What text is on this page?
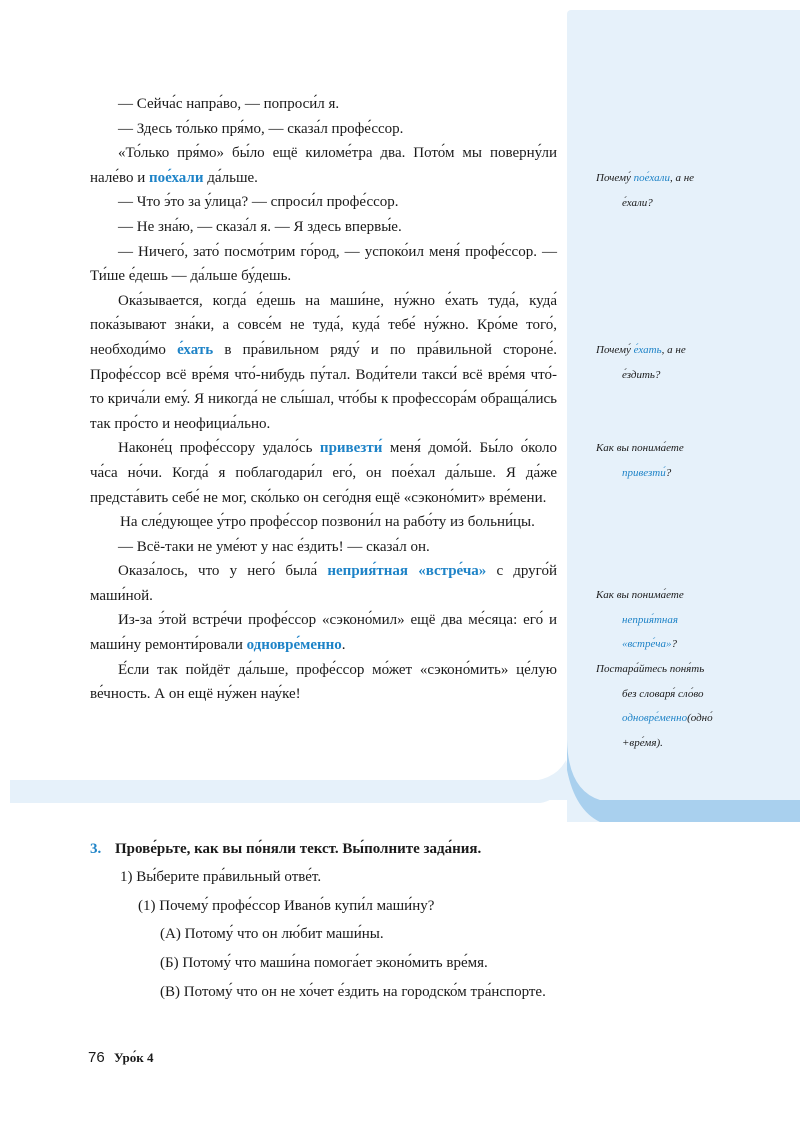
— Сейча́с напра́во, — попроси́л я.

— Здесь то́лько пря́мо, — сказа́л профе́ссор.

«То́лько пря́мо» бы́ло ещё киломе́тра два. Пото́м мы поверну́ли нале́во и пое́хали да́льше.

— Что э́то за у́лица? — спроси́л профе́ссор.

— Не зна́ю, — сказа́л я. — Я здесь впервы́е.

— Ничего́, зато́ посмо́трим го́род, — успоко́ил меня́ профе́ссор. — Ти́ше е́дешь — да́льше бу́дешь.

Ока́зывается, когда́ е́дешь на маши́не, ну́жно е́хать туда́, куда́ пока́зывают зна́ки, а совсе́м не туда́, куда́ тебе́ ну́жно. Кро́ме того́, необходи́мо е́хать в пра́вильном ряду́ и по пра́вильной стороне́. Профе́ссор всё вре́мя что́-нибудь пу́тал. Води́тели такси́ всё вре́мя что́-то крича́ли ему́. Я никогда́ не слы́шал, что́бы к профессора́м обраща́лись так про́сто и неофициа́льно.

Наконе́ц профе́ссору удало́сь привезти́ меня́ домо́й. Бы́ло о́коло ча́са но́чи. Когда́ я поблагодари́л его́, он пое́хал да́льше. Я да́же предста́вить себе́ не мог, ско́лько он сего́дня ещё «сэконо́мит» вре́мени.

На сле́дующее у́тро профе́ссор позвони́л на рабо́ту из больни́цы.

— Всё-таки не уме́ют у нас е́здить! — сказа́л он.

Оказа́лось, что у него́ была́ неприя́тная «встре́ча» с друго́й маши́ной.

Из-за э́той встре́чи профе́ссор «сэконо́мил» ещё два ме́сяца: его́ и маши́ну ремонти́ровали одновре́менно.

Е́сли так пойдёт да́льше, профе́ссор мо́жет «сэконо́мить» це́лую ве́чность. А он ещё ну́жен нау́ке!

Почему́ пое́хали, а не
е́хали?
Почему́ е́хать, а не
е́здить?
Как вы понима́ете
привезти́?
Как вы понима́ете
неприя́тная
«встре́ча»?
Постара́йтесь поня́ть
без словаря́ сло́во
одновре́менно(одно́
+вре́мя).
3. Прове́рьте, как вы по́няли текст. Вы́полните зада́ния.
1) Вы́берите пра́вильный отве́т.
(1) Почему́ профе́ссор Ивано́в купи́л маши́ну?
(А) Потому́ что он лю́бит маши́ны.
(Б) Потому́ что маши́на помога́ет эконо́мить вре́мя.
(В) Потому́ что он не хо́чет е́здить на городско́м тра́нспорте.
76 Уро́к 4
